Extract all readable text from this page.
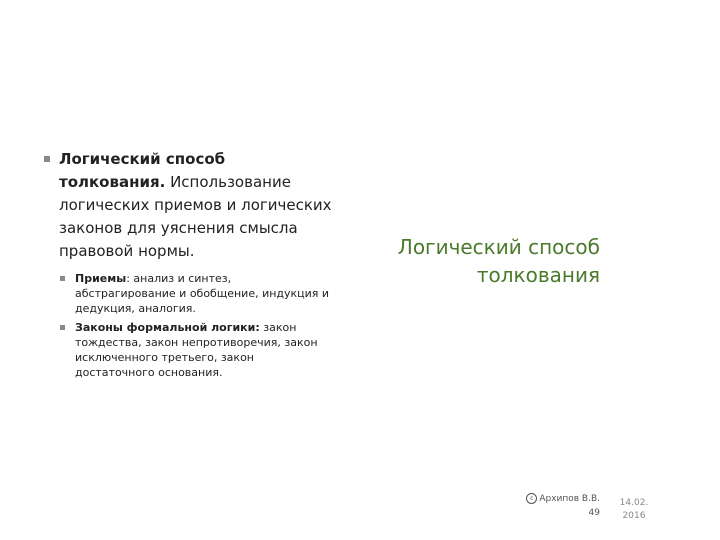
Логический способ толкования. Использование логических приемов и логических законов для уяснения смысла правовой нормы.
Приемы: анализ и синтез, абстрагирование и обобщение, индукция и дедукция, аналогия.
Законы формальной логики: закон тождества, закон непротиворечия, закон исключенного третьего, закон достаточного основания.
Логический способ толкования
c Архипов В.В.
49
14.02.
2016
